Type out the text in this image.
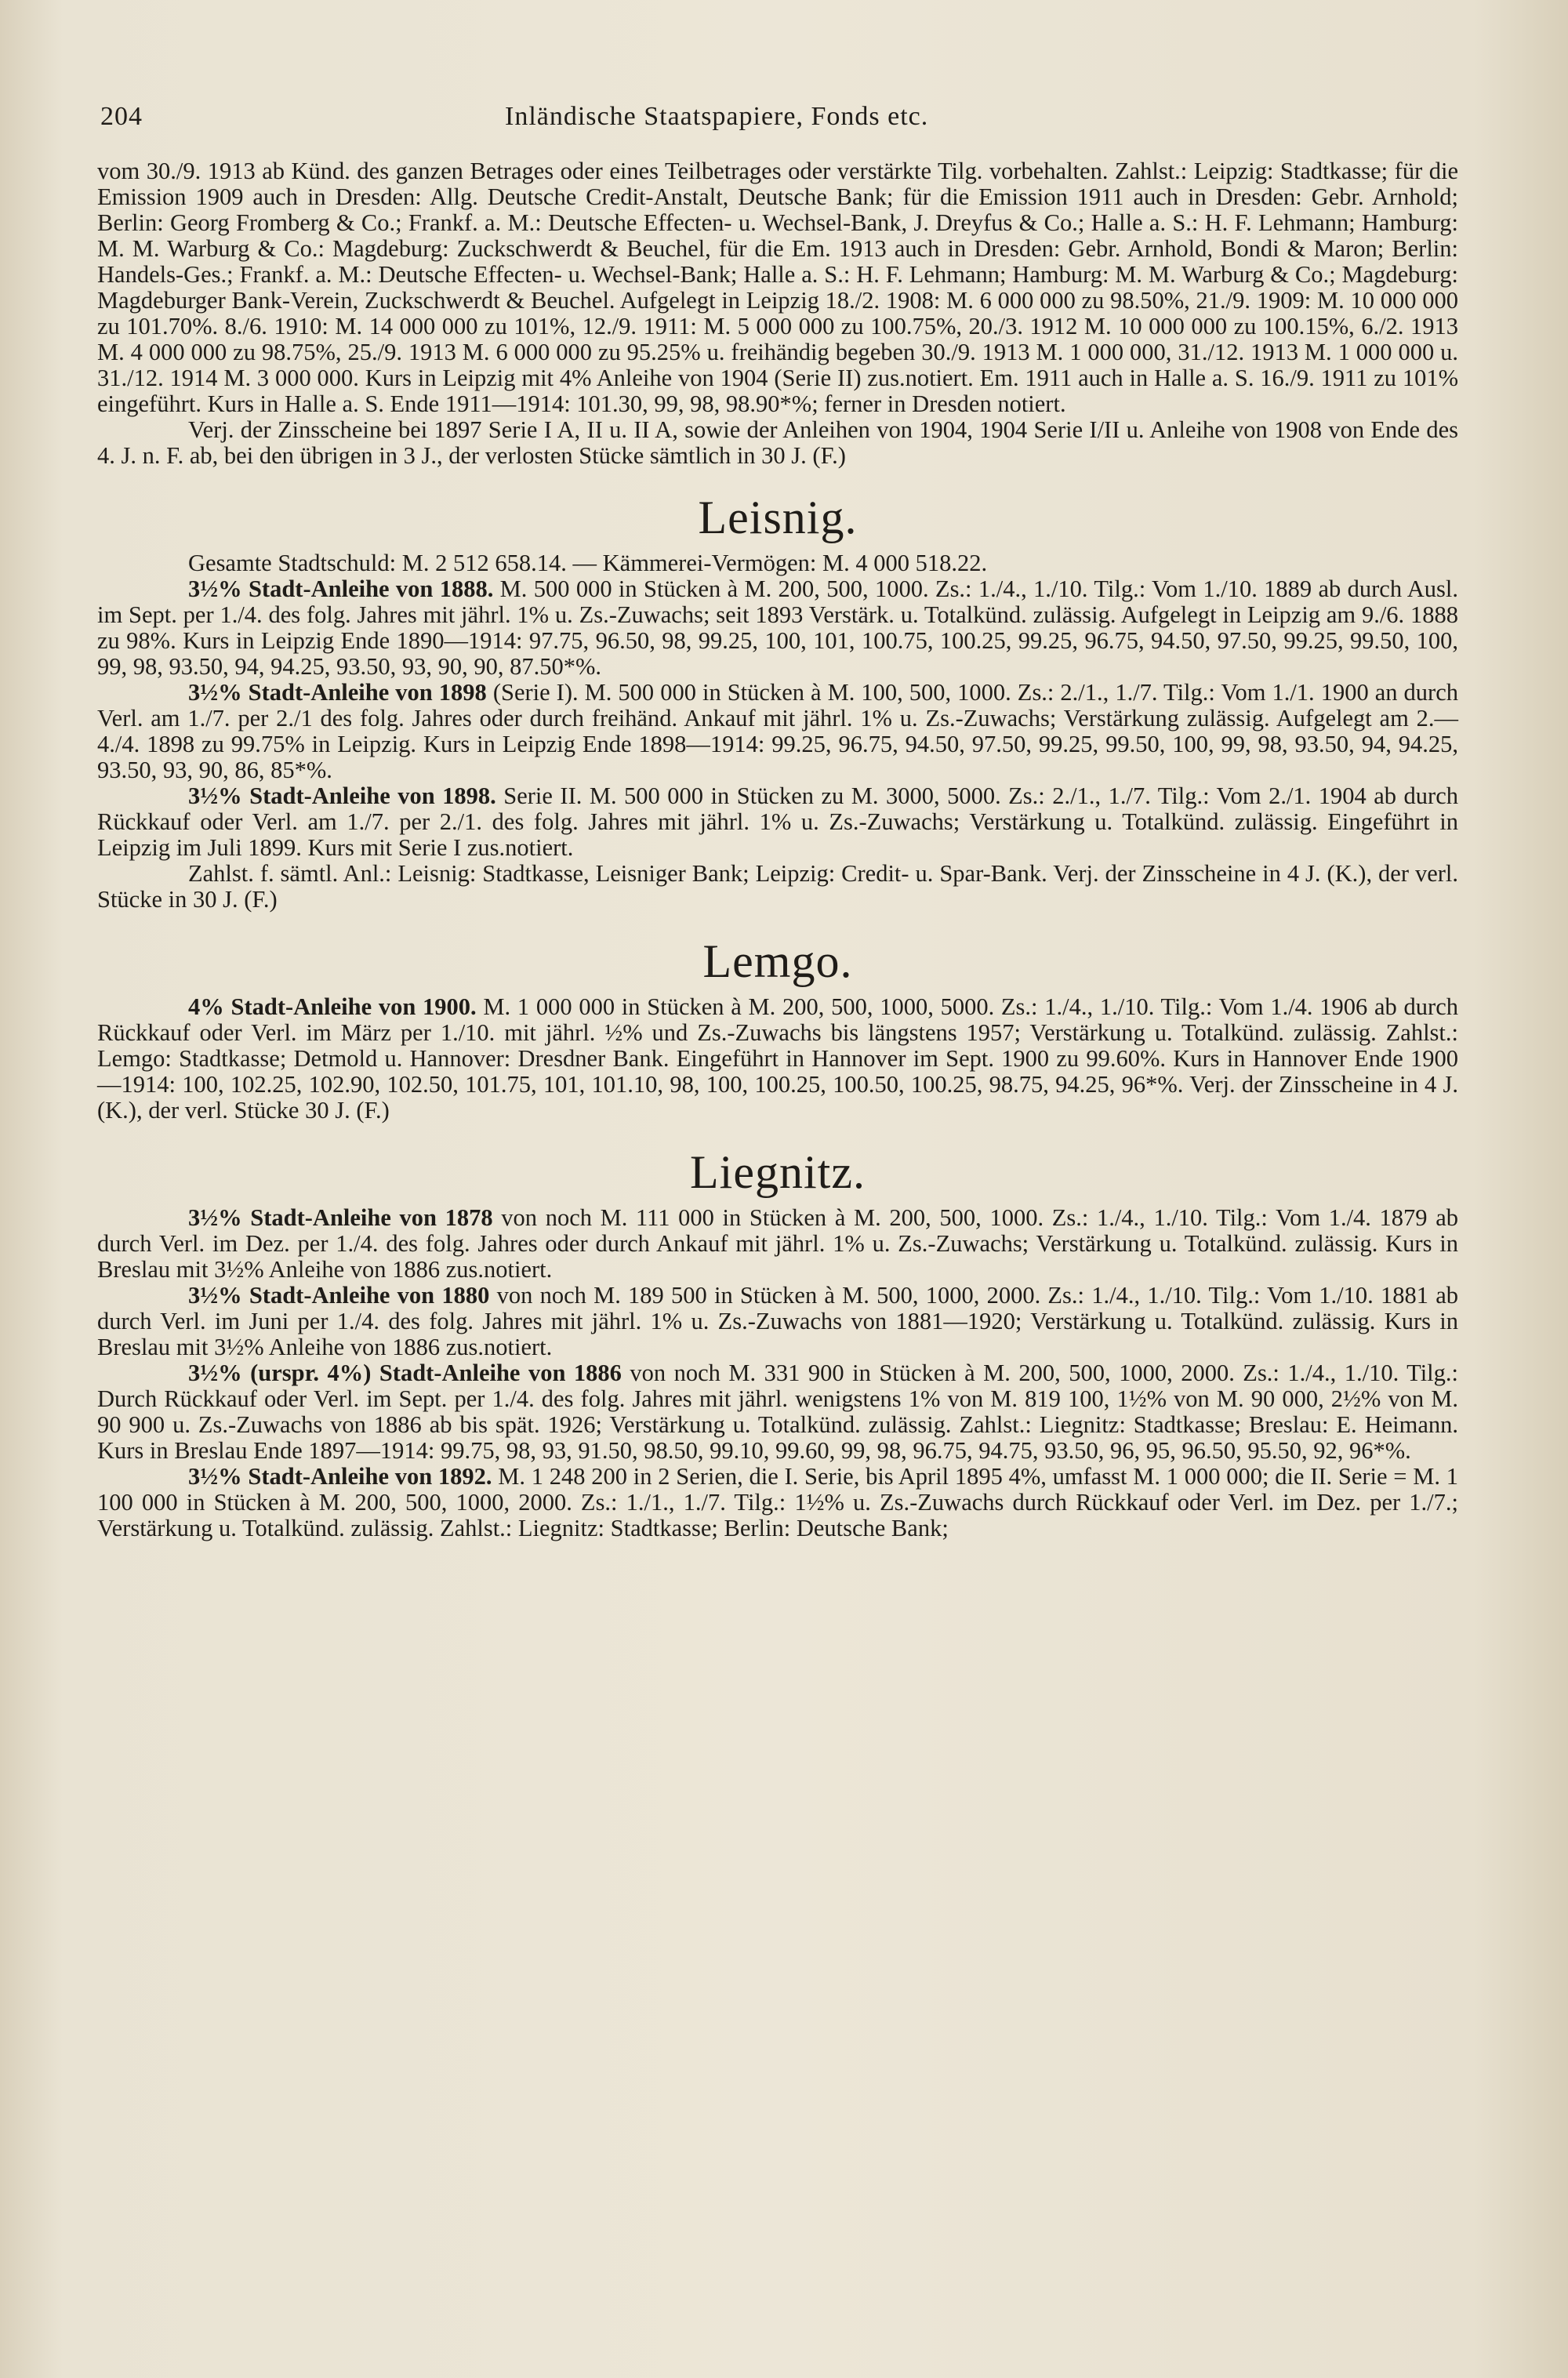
204	Inländische Staatspapiere, Fonds etc.

vom 30./9. 1913 ab Künd. des ganzen Betrages oder eines Teilbetrages oder verstärkte Tilg. vorbehalten. Zahlst.: Leipzig: Stadtkasse; für die Emission 1909 auch in Dresden: Allg. Deutsche Credit-Anstalt, Deutsche Bank; für die Emission 1911 auch in Dresden: Gebr. Arnhold; Berlin: Georg Fromberg & Co.; Frankf. a. M.: Deutsche Effecten- u. Wechsel-Bank, J. Dreyfus & Co.; Halle a. S.: H. F. Lehmann; Hamburg: M. M. Warburg & Co.: Magdeburg: Zuckschwerdt & Beuchel, für die Em. 1913 auch in Dresden: Gebr. Arnhold, Bondi & Maron; Berlin: Handels-Ges.; Frankf. a. M.: Deutsche Effecten- u. Wechsel-Bank; Halle a. S.: H. F. Lehmann; Hamburg: M. M. Warburg & Co.; Magdeburg: Magdeburger Bank-Verein, Zuckschwerdt & Beuchel. Aufgelegt in Leipzig 18./2. 1908: M. 6 000 000 zu 98.50%, 21./9. 1909: M. 10 000 000 zu 101.70%. 8./6. 1910: M. 14 000 000 zu 101%, 12./9. 1911: M. 5 000 000 zu 100.75%, 20./3. 1912 M. 10 000 000 zu 100.15%, 6./2. 1913 M. 4 000 000 zu 98.75%, 25./9. 1913 M. 6 000 000 zu 95.25% u. freihändig begeben 30./9. 1913 M. 1 000 000, 31./12. 1913 M. 1 000 000 u. 31./12. 1914 M. 3 000 000. Kurs in Leipzig mit 4% Anleihe von 1904 (Serie II) zus.notiert. Em. 1911 auch in Halle a. S. 16./9. 1911 zu 101% eingeführt. Kurs in Halle a. S. Ende 1911—1914: 101.30, 99, 98, 98.90*%; ferner in Dresden notiert.

Verj. der Zinsscheine bei 1897 Serie I A, II u. II A, sowie der Anleihen von 1904, 1904 Serie I/II u. Anleihe von 1908 von Ende des 4. J. n. F. ab, bei den übrigen in 3 J., der verlosten Stücke sämtlich in 30 J. (F.)

Leisnig.

Gesamte Stadtschuld: M. 2 512 658.14. — Kämmerei-Vermögen: M. 4 000 518.22.

3½% Stadt-Anleihe von 1888. M. 500 000 in Stücken à M. 200, 500, 1000. Zs.: 1./4., 1./10. Tilg.: Vom 1./10. 1889 ab durch Ausl. im Sept. per 1./4. des folg. Jahres mit jährl. 1% u. Zs.-Zuwachs; seit 1893 Verstärk. u. Totalkünd. zulässig. Aufgelegt in Leipzig am 9./6. 1888 zu 98%. Kurs in Leipzig Ende 1890—1914: 97.75, 96.50, 98, 99.25, 100, 101, 100.75, 100.25, 99.25, 96.75, 94.50, 97.50, 99.25, 99.50, 100, 99, 98, 93.50, 94, 94.25, 93.50, 93, 90, 90, 87.50*%.

3½% Stadt-Anleihe von 1898 (Serie I). M. 500 000 in Stücken à M. 100, 500, 1000. Zs.: 2./1., 1./7. Tilg.: Vom 1./1. 1900 an durch Verl. am 1./7. per 2./1 des folg. Jahres oder durch freihänd. Ankauf mit jährl. 1% u. Zs.-Zuwachs; Verstärkung zulässig. Aufgelegt am 2.—4./4. 1898 zu 99.75% in Leipzig. Kurs in Leipzig Ende 1898—1914: 99.25, 96.75, 94.50, 97.50, 99.25, 99.50, 100, 99, 98, 93.50, 94, 94.25, 93.50, 93, 90, 86, 85*%.

3½% Stadt-Anleihe von 1898. Serie II. M. 500 000 in Stücken zu M. 3000, 5000. Zs.: 2./1., 1./7. Tilg.: Vom 2./1. 1904 ab durch Rückkauf oder Verl. am 1./7. per 2./1. des folg. Jahres mit jährl. 1% u. Zs.-Zuwachs; Verstärkung u. Totalkünd. zulässig. Eingeführt in Leipzig im Juli 1899. Kurs mit Serie I zus.notiert.

Zahlst. f. sämtl. Anl.: Leisnig: Stadtkasse, Leisniger Bank; Leipzig: Credit- u. Spar-Bank. Verj. der Zinsscheine in 4 J. (K.), der verl. Stücke in 30 J. (F.)

Lemgo.

4% Stadt-Anleihe von 1900. M. 1 000 000 in Stücken à M. 200, 500, 1000, 5000. Zs.: 1./4., 1./10. Tilg.: Vom 1./4. 1906 ab durch Rückkauf oder Verl. im März per 1./10. mit jährl. ½% und Zs.-Zuwachs bis längstens 1957; Verstärkung u. Totalkünd. zulässig. Zahlst.: Lemgo: Stadtkasse; Detmold u. Hannover: Dresdner Bank. Eingeführt in Hannover im Sept. 1900 zu 99.60%. Kurs in Hannover Ende 1900—1914: 100, 102.25, 102.90, 102.50, 101.75, 101, 101.10, 98, 100, 100.25, 100.50, 100.25, 98.75, 94.25, 96*%. Verj. der Zinsscheine in 4 J. (K.), der verl. Stücke 30 J. (F.)

Liegnitz.

3½% Stadt-Anleihe von 1878 von noch M. 111 000 in Stücken à M. 200, 500, 1000. Zs.: 1./4., 1./10. Tilg.: Vom 1./4. 1879 ab durch Verl. im Dez. per 1./4. des folg. Jahres oder durch Ankauf mit jährl. 1% u. Zs.-Zuwachs; Verstärkung u. Totalkünd. zulässig. Kurs in Breslau mit 3½% Anleihe von 1886 zus.notiert.

3½% Stadt-Anleihe von 1880 von noch M. 189 500 in Stücken à M. 500, 1000, 2000. Zs.: 1./4., 1./10. Tilg.: Vom 1./10. 1881 ab durch Verl. im Juni per 1./4. des folg. Jahres mit jährl. 1% u. Zs.-Zuwachs von 1881—1920; Verstärkung u. Totalkünd. zulässig. Kurs in Breslau mit 3½% Anleihe von 1886 zus.notiert.

3½% (urspr. 4%) Stadt-Anleihe von 1886 von noch M. 331 900 in Stücken à M. 200, 500, 1000, 2000. Zs.: 1./4., 1./10. Tilg.: Durch Rückkauf oder Verl. im Sept. per 1./4. des folg. Jahres mit jährl. wenigstens 1% von M. 819 100, 1½% von M. 90 000, 2½% von M. 90 900 u. Zs.-Zuwachs von 1886 ab bis spät. 1926; Verstärkung u. Totalkünd. zulässig. Zahlst.: Liegnitz: Stadtkasse; Breslau: E. Heimann. Kurs in Breslau Ende 1897—1914: 99.75, 98, 93, 91.50, 98.50, 99.10, 99.60, 99, 98, 96.75, 94.75, 93.50, 96, 95, 96.50, 95.50, 92, 96*%.

3½% Stadt-Anleihe von 1892. M. 1 248 200 in 2 Serien, die I. Serie, bis April 1895 4%, umfasst M. 1 000 000; die II. Serie = M. 1 100 000 in Stücken à M. 200, 500, 1000, 2000. Zs.: 1./1., 1./7. Tilg.: 1½% u. Zs.-Zuwachs durch Rückkauf oder Verl. im Dez. per 1./7.; Verstärkung u. Totalkünd. zulässig. Zahlst.: Liegnitz: Stadtkasse; Berlin: Deutsche Bank;
